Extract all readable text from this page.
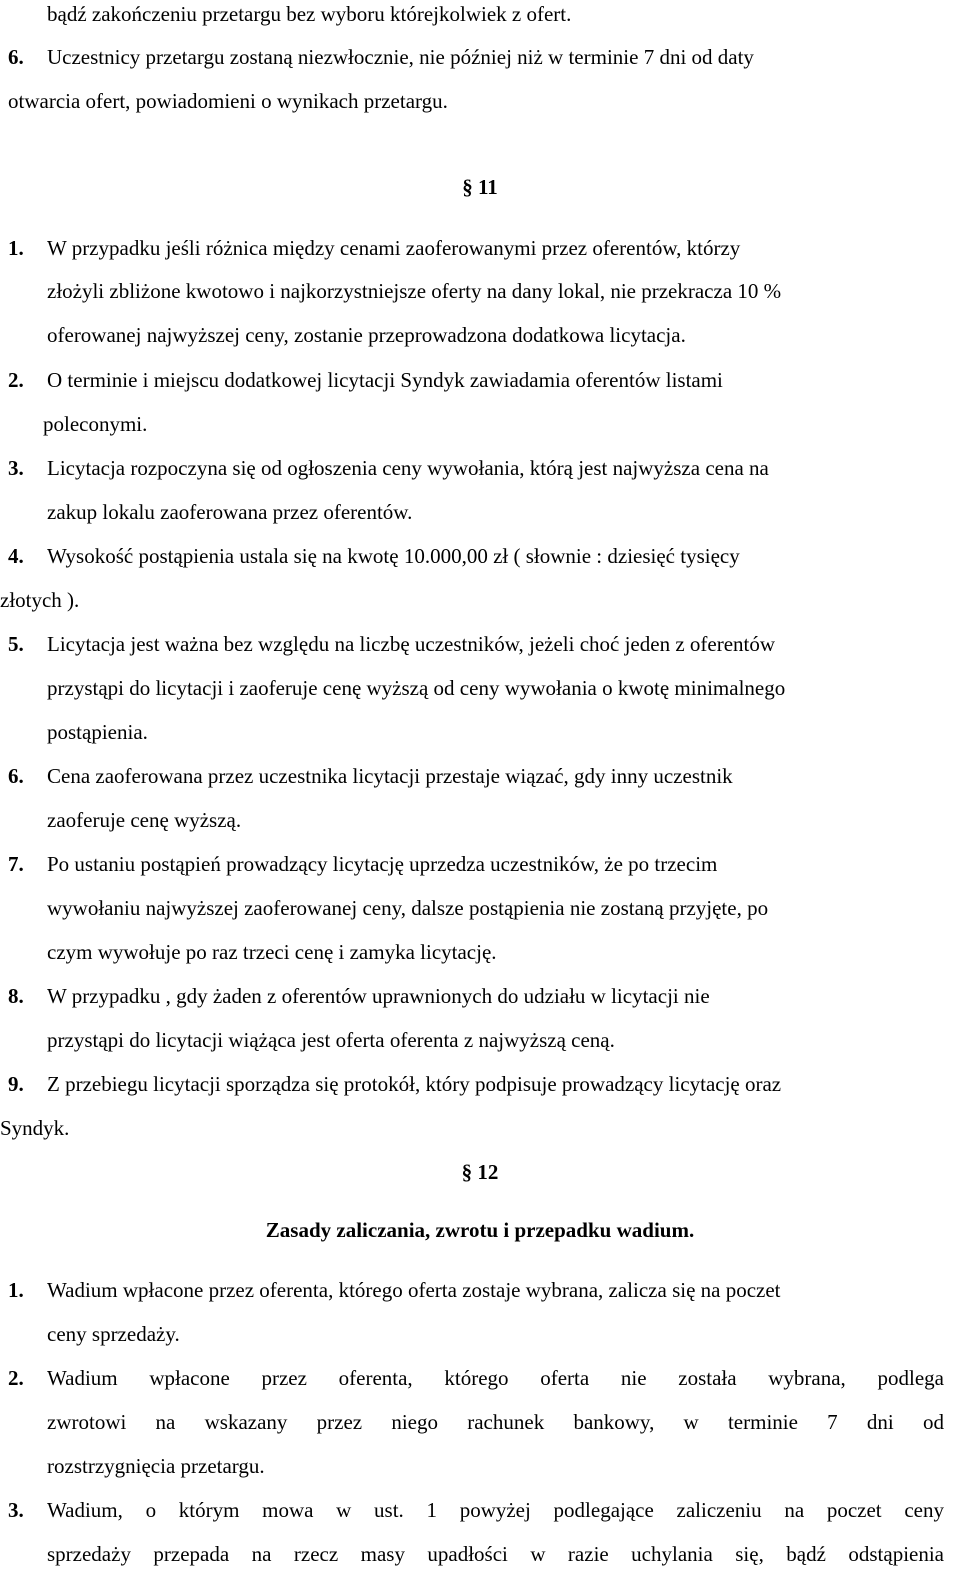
bądź zakończeniu przetargu bez wyboru którejkolwiek z ofert.
6. Uczestnicy przetargu zostaną niezwłocznie, nie później niż w terminie 7 dni od daty
otwarcia ofert, powiadomieni o wynikach przetargu.
§ 11
1. W przypadku jeśli różnica między cenami zaoferowanymi przez oferentów, którzy
złożyli zbliżone kwotowo i najkorzystniejsze oferty na dany lokal, nie przekracza 10 %
oferowanej najwyższej ceny, zostanie przeprowadzona dodatkowa licytacja.
2. O terminie i miejscu dodatkowej licytacji Syndyk zawiadamia oferentów listami
poleconymi.
3. Licytacja rozpoczyna się od ogłoszenia ceny wywołania, którą jest najwyższa cena na
zakup lokalu zaoferowana przez oferentów.
4. Wysokość postąpienia ustala się na kwotę 10.000,00 zł ( słownie : dziesięć tysięcy
złotych ).
5. Licytacja jest ważna bez względu na liczbę uczestników, jeżeli choć jeden z oferentów
przystąpi do licytacji i zaoferuje cenę wyższą od ceny wywołania o kwotę minimalnego
postąpienia.
6. Cena zaoferowana przez uczestnika licytacji przestaje wiązać, gdy inny uczestnik
zaoferuje cenę wyższą.
7. Po ustaniu postąpień prowadzący licytację uprzedza uczestników, że po trzecim
wywołaniu najwyższej zaoferowanej ceny, dalsze postąpienia nie zostaną przyjęte, po
czym wywołuje po raz trzeci cenę i zamyka licytację.
8. W przypadku , gdy żaden z oferentów uprawnionych do udziału w licytacji nie
przystąpi do licytacji wiążąca jest oferta oferenta z najwyższą ceną.
9. Z przebiegu licytacji sporządza się protokół, który podpisuje prowadzący licytację oraz
Syndyk.
§ 12
Zasady zaliczania, zwrotu i przepadku wadium.
1. Wadium wpłacone przez oferenta, którego oferta zostaje wybrana, zalicza się na poczet
ceny sprzedaży.
2. Wadium wpłacone przez oferenta, którego oferta nie została wybrana, podlega
zwrotowi na wskazany przez niego rachunek bankowy, w terminie 7 dni od
rozstrzygnięcia przetargu.
3. Wadium, o którym mowa w ust. 1 powyżej podlegające zaliczeniu na poczet ceny
sprzedaży przepada na rzecz masy upadłości w razie uchylania się, bądź odstąpienia
